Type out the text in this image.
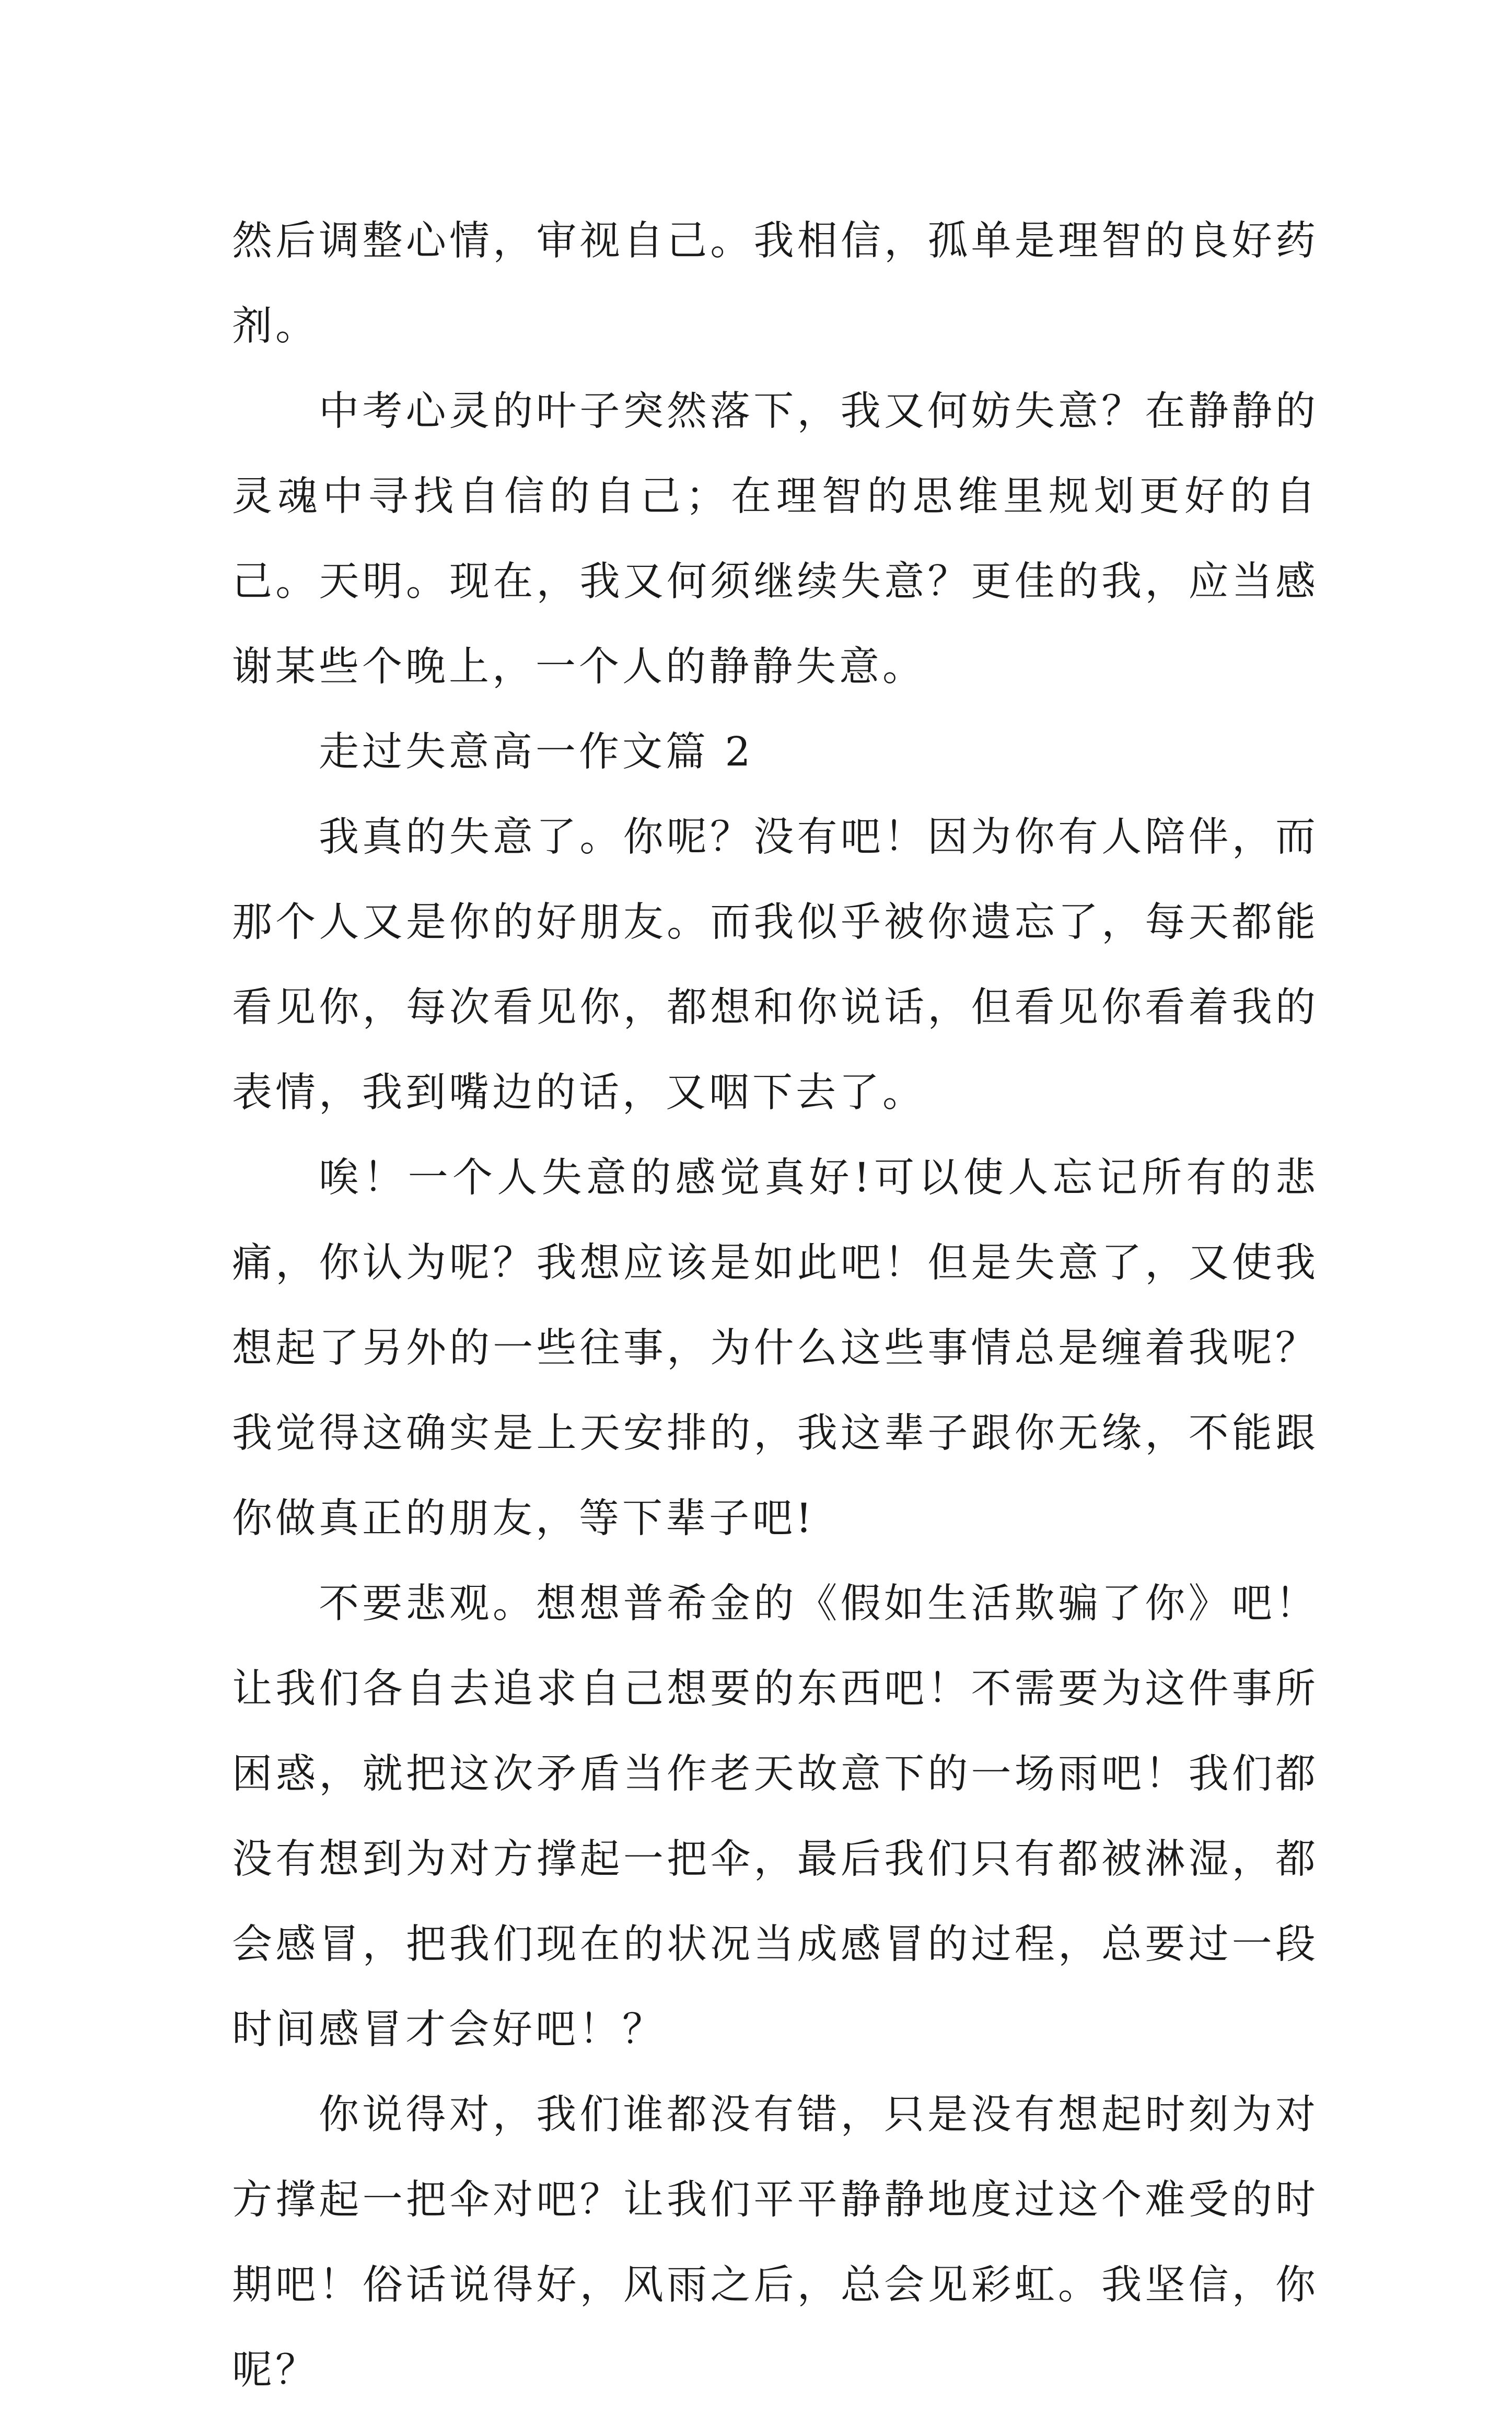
然后调整心情，审视自己。我相信，孤单是理智的良好药剂。

中考心灵的叶子突然落下，我又何妨失意？在静静的灵魂中寻找自信的自己；在理智的思维里规划更好的自己。天明。现在，我又何须继续失意？更佳的我，应当感谢某些个晚上，一个人的静静失意。

走过失意高一作文篇 2

我真的失意了。你呢？没有吧！因为你有人陪伴，而那个人又是你的好朋友。而我似乎被你遗忘了，每天都能看见你，每次看见你，都想和你说话，但看见你看着我的表情，我到嘴边的话，又咽下去了。

唉！一个人失意的感觉真好!可以使人忘记所有的悲痛，你认为呢？我想应该是如此吧！但是失意了，又使我想起了另外的一些往事，为什么这些事情总是缠着我呢？我觉得这确实是上天安排的，我这辈子跟你无缘，不能跟你做真正的朋友，等下辈子吧!

不要悲观。想想普希金的《假如生活欺骗了你》吧！让我们各自去追求自己想要的东西吧！不需要为这件事所困惑，就把这次矛盾当作老天故意下的一场雨吧！我们都没有想到为对方撑起一把伞，最后我们只有都被淋湿，都会感冒，把我们现在的状况当成感冒的过程，总要过一段时间感冒才会好吧！？

你说得对，我们谁都没有错，只是没有想起时刻为对方撑起一把伞对吧？让我们平平静静地度过这个难受的时期吧！俗话说得好，风雨之后，总会见彩虹。我坚信，你呢？
